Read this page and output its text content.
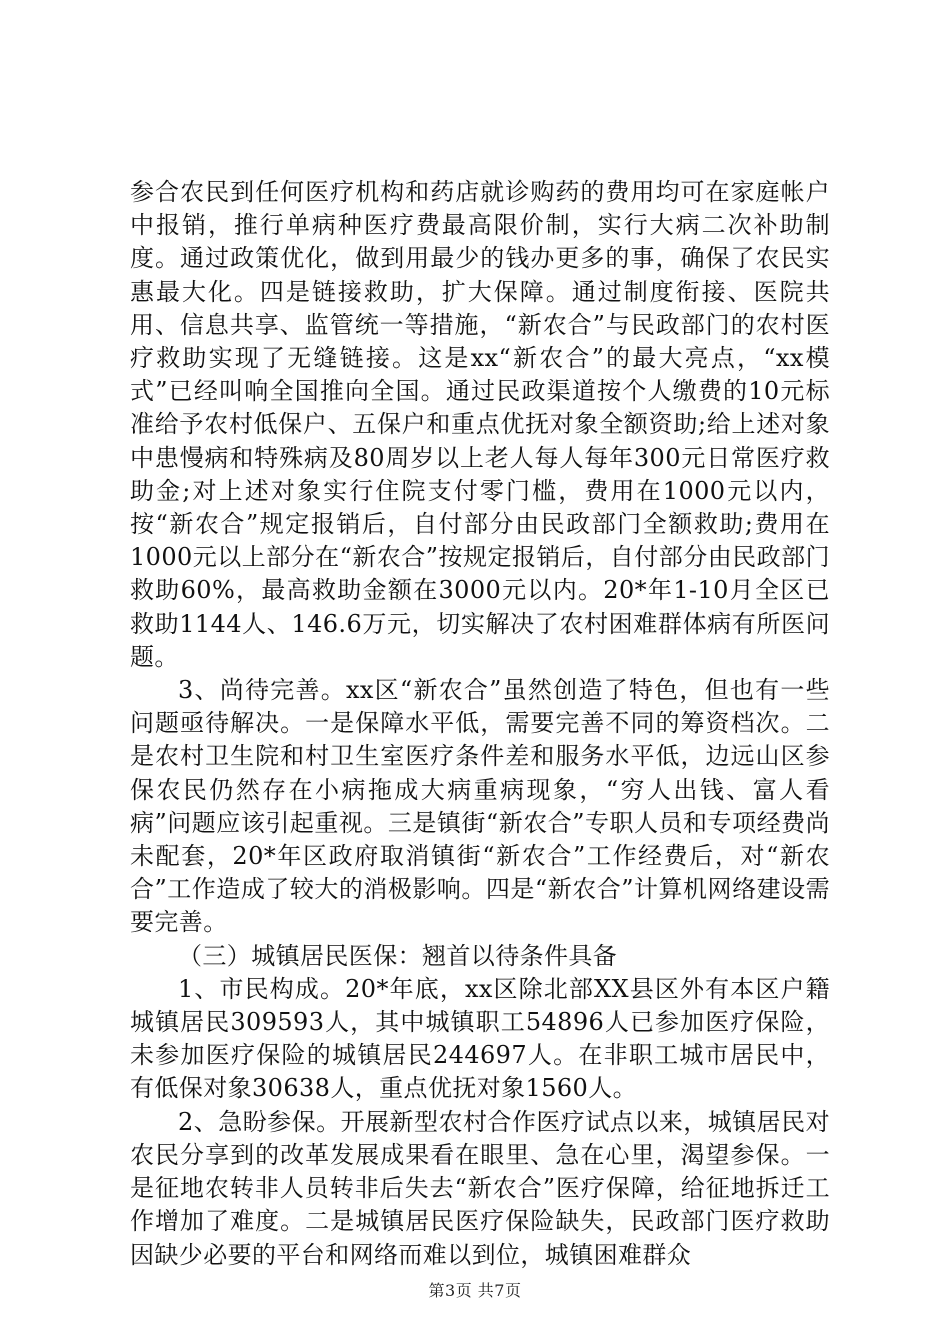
参合农民到任何医疗机构和药店就诊购药的费用均可在家庭帐户中报销，推行单病种医疗费最高限价制，实行大病二次补助制度。通过政策优化，做到用最少的钱办更多的事，确保了农民实惠最大化。四是链接救助，扩大保障。通过制度衔接、医院共用、信息共享、监管统一等措施，“新农合”与民政部门的农村医疗救助实现了无缝链接。这是xx“新农合”的最大亮点，“xx模式”已经叫响全国推向全国。通过民政渠道按个人缴费的10元标准给予农村低保户、五保户和重点优抚对象全额资助;给上述对象中患慢病和特殊病及80周岁以上老人每人每年300元日常医疗救助金;对上述对象实行住院支付零门槛，费用在1000元以内，按“新农合”规定报销后，自付部分由民政部门全额救助;费用在1000元以上部分在“新农合”按规定报销后，自付部分由民政部门救助60%，最高救助金额在3000元以内。20*年1-10月全区已救助1144人、146.6万元，切实解决了农村困难群体病有所医问题。

3、尚待完善。xx区“新农合”虽然创造了特色，但也有一些问题亟待解决。一是保障水平低，需要完善不同的筹资档次。二是农村卫生院和村卫生室医疗条件差和服务水平低，边远山区参保农民仍然存在小病拖成大病重病现象，“穷人出钱、富人看病”问题应该引起重视。三是镇街“新农合”专职人员和专项经费尚未配套，20*年区政府取消镇街“新农合”工作经费后，对“新农合”工作造成了较大的消极影响。四是“新农合”计算机网络建设需要完善。

（三）城镇居民医保：翘首以待条件具备

1、市民构成。20*年底，xx区除北部XX县区外有本区户籍城镇居民309593人，其中城镇职工54896人已参加医疗保险，未参加医疗保险的城镇居民244697人。在非职工城市居民中，有低保对象30638人，重点优抚对象1560人。

2、急盼参保。开展新型农村合作医疗试点以来，城镇居民对农民分享到的改革发展成果看在眼里、急在心里，渴望参保。一是征地农转非人员转非后失去“新农合”医疗保障，给征地拆迁工作增加了难度。二是城镇居民医疗保险缺失，民政部门医疗救助因缺少必要的平台和网络而难以到位，城镇困难群众

第3页 共7页
